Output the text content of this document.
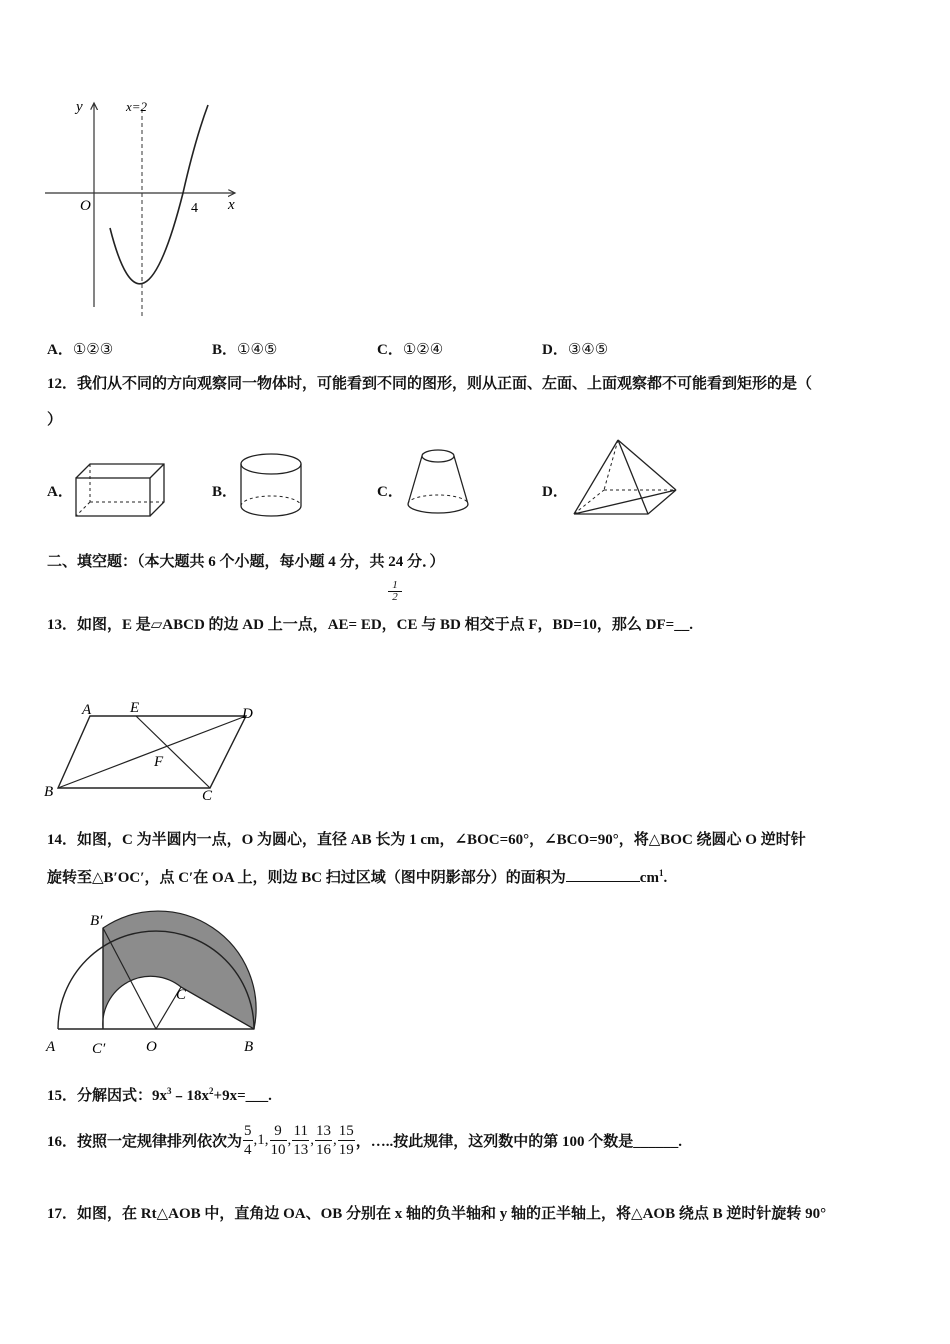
y
x
O	4
x=2
A．①②③	B．①④⑤	C．①②④	D．③④⑤
12．我们从不同的方向观察同一物体时，可能看到不同的图形，则从正面、左面、上面观察都不可能看到矩形的是（
）
A．	B．	C．	D．
二、填空题：（本大题共 6 个小题，每小题 4 分，共 24 分．）
1
2
13．如图，E 是▱ABCD 的边 AD 上一点，AE= ED，CE 与 BD 相交于点 F，BD=10，那么 DF=__.
A	E	D
B	C
F
14．如图，C 为半圆内一点，O 为圆心，直径 AB 长为 1 cm，∠BOC=60°，∠BCO=90°，将△BOC 绕圆心 O 逆时针
旋转至△B′OC′，点 C′在 OA 上，则边 BC 扫过区域（图中阴影部分）的面积为	$cm^1$.
A C′	O	B
B′
C
15．分解因式：$9x^3﹣18x^2+9x=\_\_\_$.
16．按照一定规律排列依次为 $\frac{5}{4}$ , 1 , $\frac{9}{10}$ , $\frac{11}{13}$ , $\frac{13}{16}$ , $\frac{15}{19}$ ，…..按此规律，这列数中的第 100 个数是______.
17．如图，在 Rt△AOB 中，直角边 OA、OB 分别在 x 轴的负半轴和 y 轴的正半轴上，将△AOB 绕点 B 逆时针旋转 90°
